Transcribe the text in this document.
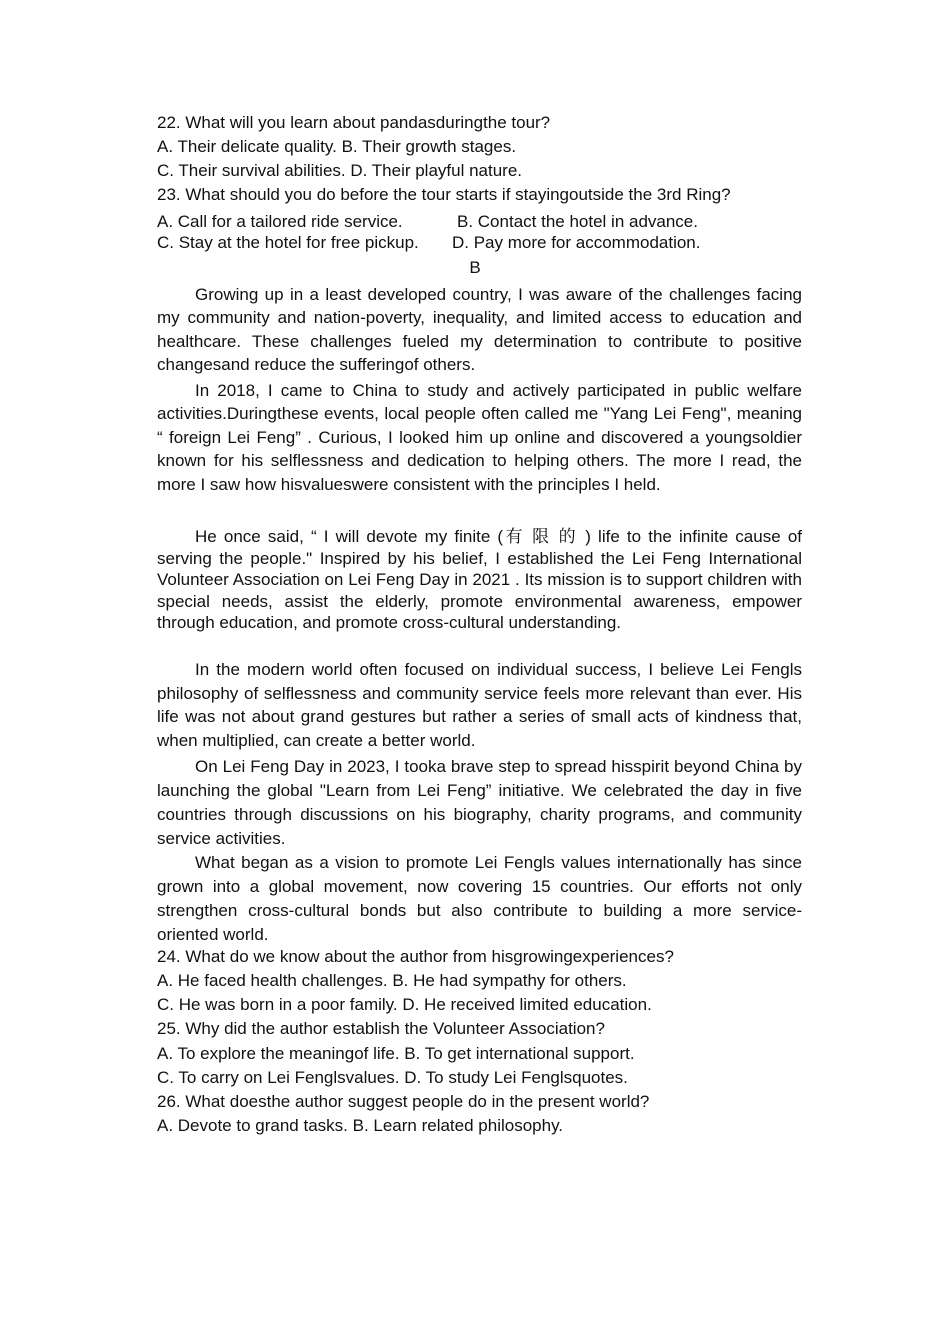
22. What will you learn about pandasduringthe tour?

A. Their delicate quality. B. Their growth stages.

C. Their survival abilities. D. Their playful nature.

23. What should you do before the tour starts if stayingoutside the 3rd Ring?

A. Call for a tailored ride service.	B. Contact the hotel in advance.

C. Stay at the hotel for free pickup. D. Pay more for accommodation.

B

Growing up in a least developed country, I was aware of the challenges facing my community and nation-poverty, inequality, and limited access to education and healthcare. These challenges fueled my determination to contribute to positive changesand reduce the sufferingof others.

In 2018, I came to China to study and actively participated in public welfare activities.Duringthese events, local people often called me "Yang Lei Feng", meaning “ foreign Lei Feng” . Curious, I looked him up online and discovered a youngsoldier known for his selflessness and dedication to helping others. The more I read, the more I saw how hisvalueswere consistent with the principles I held.

He once said, “ I will devote my finite (有 限 的 ) life to the infinite cause of serving the people." Inspired by his belief, I established the Lei Feng International Volunteer Association on Lei Feng Day in 2021 . Its mission is to support children with special needs, assist the elderly, promote environmental awareness, empower through education, and promote cross-cultural understanding.

In the modern world often focused on individual success, I believe Lei Fengls philosophy of selflessness and community service feels more relevant than ever. His life was not about grand gestures but rather a series of small acts of kindness that, when multiplied, can create a better world.

On Lei Feng Day in 2023, I tooka brave step to spread hisspirit beyond China by launching the global "Learn from Lei Feng” initiative. We celebrated the day in five countries through discussions on his biography, charity programs, and community service activities.

What began as a vision to promote Lei Fengls values internationally has since grown into a global movement, now covering 15 countries. Our efforts not only strengthen cross-cultural bonds but also contribute to building a more service-oriented world.

24. What do we know about the author from hisgrowingexperiences?

A. He faced health challenges. B. He had sympathy for others.

C. He was born in a poor family. D. He received limited education.

25. Why did the author establish the Volunteer Association?

A. To explore the meaningof life. B. To get international support.

C. To carry on Lei Fenglsvalues. D. To study Lei Fenglsquotes.

26. What doesthe author suggest people do in the present world?

A. Devote to grand tasks. B. Learn related philosophy.
